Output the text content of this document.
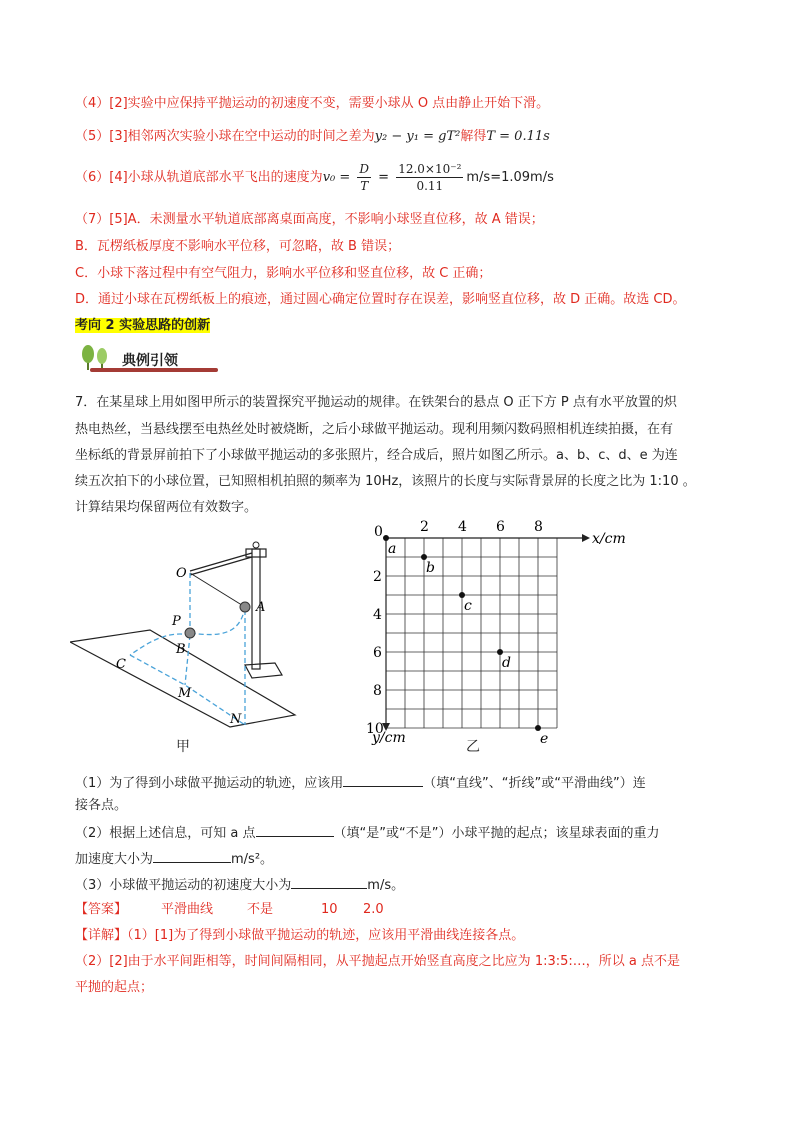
（4）[2]实验中应保持平抛运动的初速度不变，需要小球从 O 点由静止开始下滑。
（5）[3]相邻两次实验小球在空中运动的时间之差为y₂ − y₁ = gT²解得T = 0.11s
（6）[4]小球从轨道底部水平飞出的速度为$v_0 = \frac{D}{T} = \frac{\text{12.0×10⁻²}}{0.11} m/s=1.09m/s$
（7）[5]A．未测量水平轨道底部离桌面高度，不影响小球竖直位移，故 A 错误；
B．瓦楞纸板厚度不影响水平位移，可忽略，故 B 错误；
C．小球下落过程中有空气阻力，影响水平位移和竖直位移，故 C 正确；
D．通过小球在瓦楞纸板上的痕迹，通过圆心确定位置时存在误差，影响竖直位移，故 D 正确。故选 CD。
考向 2 实验思路的创新
典例引领
7．在某星球上用如图甲所示的装置探究平抛运动的规律。在铁架台的悬点 O 正下方 P 点有水平放置的炽
热电热丝，当悬线摆至电热丝处时被烧断，之后小球做平抛运动。现利用频闪数码照相机连续拍摄，在有
坐标纸的背景屏前拍下了小球做平抛运动的多张照片，经合成后，照片如图乙所示。a、b、c、d、e 为连
续五次拍下的小球位置，已知照相机拍照的频率为 10Hz，该照片的长度与实际背景屏的长度之比为 1:10 。
计算结果均保留两位有效数字。
O
A
P
B
C
M
N
甲
0	x/cm
y/cm
2 4 6 8
2
4
6
8
10
a
b
c
d
e
乙
（1）为了得到小球做平抛运动的轨迹，应该用	（填“直线”、“折线”或“平滑曲线”）连
接各点。
（2）根据上述信息，可知 a 点	（填“是”或“不是”）小球平抛的起点；该星球表面的重力
加速度大小为	m/s²。
（3）小球做平抛运动的初速度大小为	m/s。
【答案】	平滑曲线	不是	10 2.0
【详解】（1）[1]为了得到小球做平抛运动的轨迹，应该用平滑曲线连接各点。
（2）[2]由于水平间距相等，时间间隔相同，从平抛起点开始竖直高度之比应为 1:3:5:…，所以 a 点不是
平抛的起点；
